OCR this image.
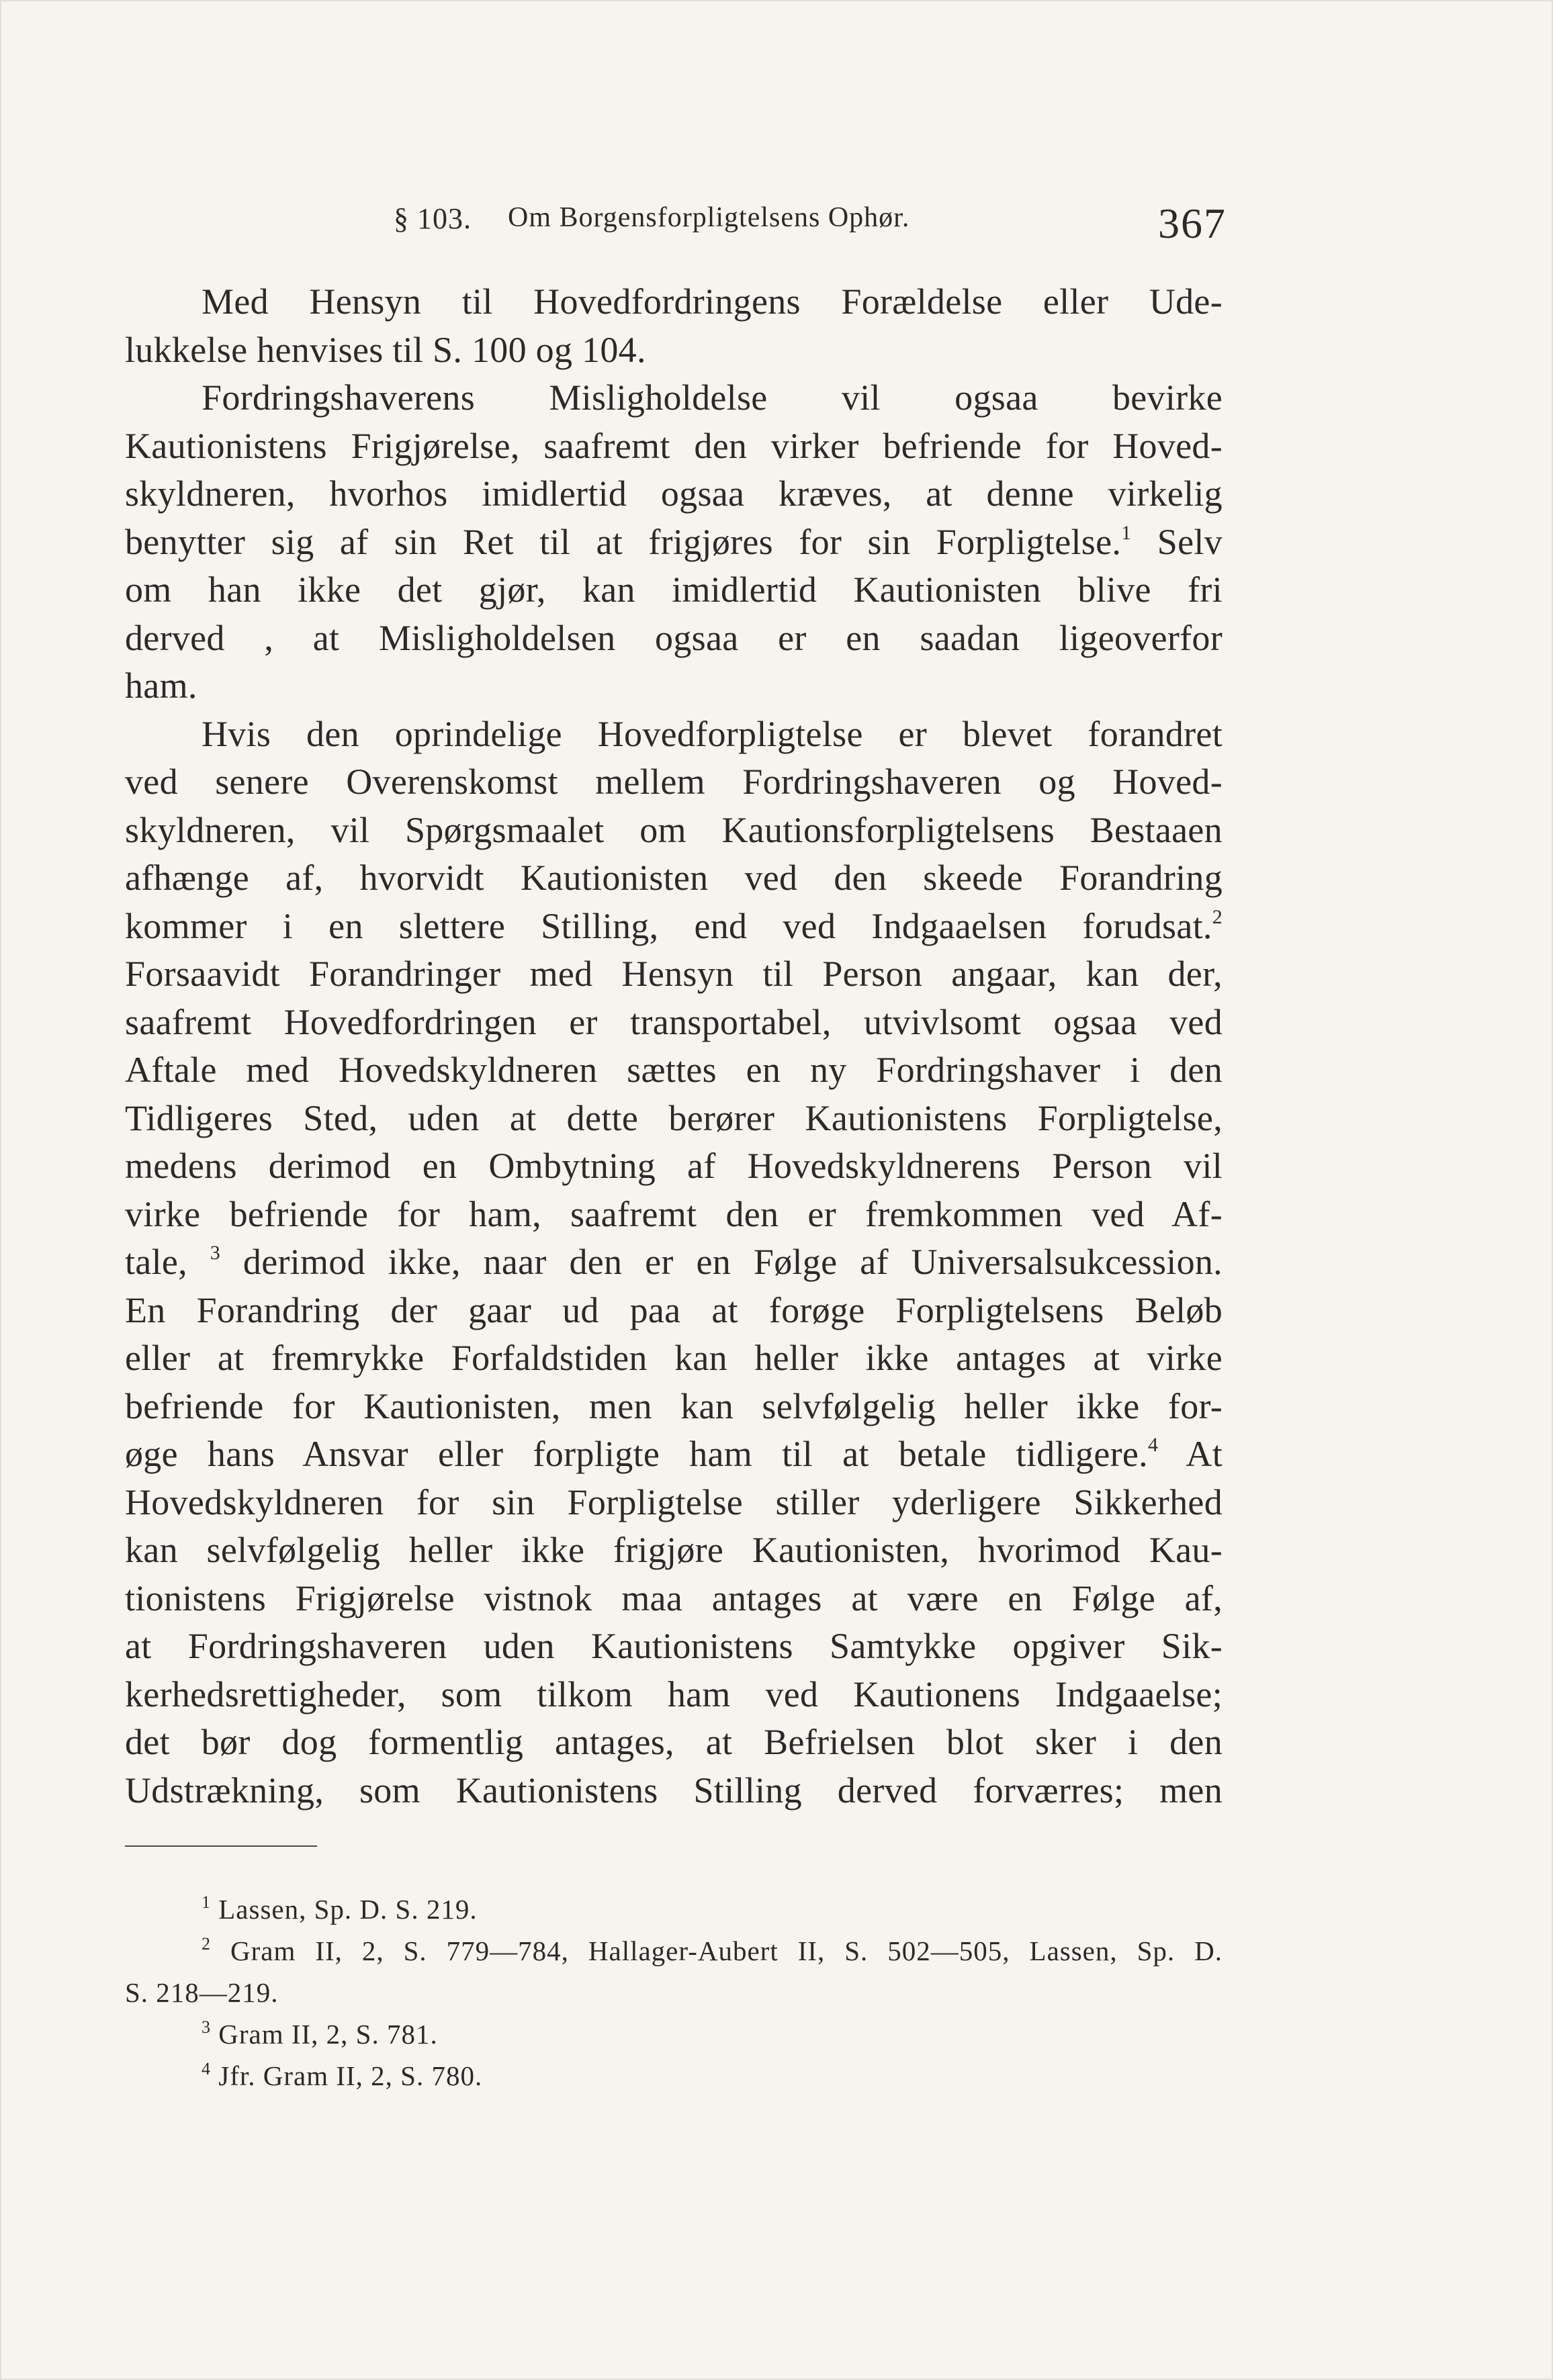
§ 103. Om Borgensforpligtelsens Ophør.	367
Med Hensyn til Hovedfordringens Forældelse eller Ude-
lukkelse henvises til S. 100 og 104.
Fordringshaverens Misligholdelse vil ogsaa bevirke
Kautionistens Frigjørelse, saafremt den virker befriende for Hoved-
skyldneren, hvorhos imidlertid ogsaa kræves, at denne virkelig
benytter sig af sin Ret til at frigjøres for sin Forpligtelse.$^1$ Selv
om han ikke det gjør, kan imidlertid Kautionisten blive fri
derved , at Misligholdelsen ogsaa er en saadan ligeoverfor
ham.
Hvis den oprindelige Hovedforpligtelse er blevet forandret
ved senere Overenskomst mellem Fordringshaveren og Hoved-
skyldneren, vil Spørgsmaalet om Kautionsforpligtelsens Bestaaen
afhænge af, hvorvidt Kautionisten ved den skeede Forandring
kommer i en slettere Stilling, end ved Indgaaelsen forudsat.$^2$
Forsaavidt Forandringer med Hensyn til Person angaar, kan der,
saafremt Hovedfordringen er transportabel, utvivlsomt ogsaa ved
Aftale med Hovedskyldneren sættes en ny Fordringshaver i den
Tidligeres Sted, uden at dette berører Kautionistens Forpligtelse,
medens derimod en Ombytning af Hovedskyldnerens Person vil
virke befriende for ham, saafremt den er fremkommen ved Af-
tale, $^3$ derimod ikke, naar den er en Følge af Universalsukcession.
En Forandring der gaar ud paa at forøge Forpligtelsens Beløb
eller at fremrykke Forfaldstiden kan heller ikke antages at virke
befriende for Kautionisten, men kan selvfølgelig heller ikke for-
øge hans Ansvar eller forpligte ham til at betale tidligere.$^4$ At
Hovedskyldneren for sin Forpligtelse stiller yderligere Sikkerhed
kan selvfølgelig heller ikke frigjøre Kautionisten, hvorimod Kau-
tionistens Frigjørelse vistnok maa antages at være en Følge af,
at Fordringshaveren uden Kautionistens Samtykke opgiver Sik-
kerhedsrettigheder, som tilkom ham ved Kautionens Indgaaelse;
det bør dog formentlig antages, at Befrielsen blot sker i den
Udstrækning, som Kautionistens Stilling derved forværres; men
$^1$ Lassen, Sp. D. S. 219.
$^2$ Gram II, 2, S. 779—784, Hallager-Aubert II, S. 502—505, Lassen, Sp. D.
S. 218—219.
$^3$ Gram II, 2, S. 781.
$^4$ Jfr. Gram II, 2, S. 780.
